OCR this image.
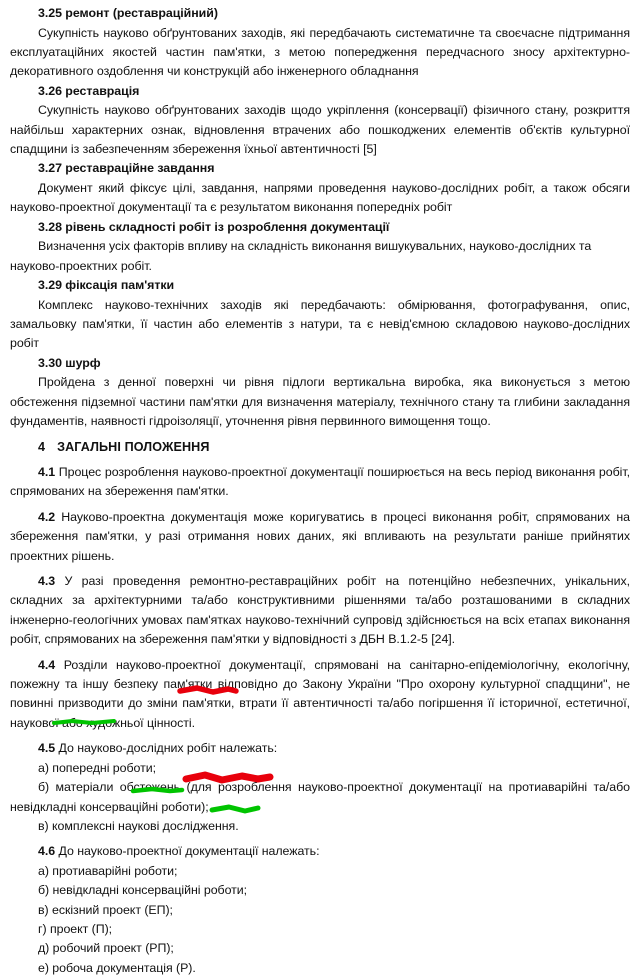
3.25 ремонт (реставраційний)

Сукупність науково обґрунтованих заходів, які передбачають систематичне та своєчасне підтримання експлуатаційних якостей частин пам'ятки, з метою попередження передчасного зносу архітектурно-декоративного оздоблення чи конструкцій або інженерного обладнання

3.26 реставрація

Сукупність науково обґрунтованих заходів щодо укріплення (консервації) фізичного стану, розкриття найбільш характерних ознак, відновлення втрачених або пошкоджених елементів об'єктів культурної спадщини із забезпеченням збереження їхньої автентичності [5]

3.27 реставраційне завдання

Документ який фіксує цілі, завдання, напрями проведення науково-дослідних робіт, а також обсяги науково-проектної документації та є результатом виконання попередніх робіт

3.28 рівень складності робіт із розроблення документації

Визначення усіх факторів впливу на складність виконання вишукувальних, науково-дослідних та науково-проектних робіт.

3.29 фіксація пам'ятки

Комплекс науково-технічних заходів які передбачають: обмірювання, фотографування, опис, замальовку пам'ятки, її частин або елементів з натури, та є невід'ємною складовою науково-дослідних робіт

3.30 шурф

Пройдена з денної поверхні чи рівня підлоги вертикальна виробка, яка виконується з метою обстеження підземної частини пам'ятки для визначення матеріалу, технічного стану та глибини закладання фундаментів, наявності гідроізоляції, уточнення рівня первинного вимощення тощо.

4 ЗАГАЛЬНІ ПОЛОЖЕННЯ

4.1 Процес розроблення науково-проектної документації поширюється на весь період виконання робіт, спрямованих на збереження пам'ятки.

4.2 Науково-проектна документація може коригуватись в процесі виконання робіт, спрямованих на збереження пам'ятки, у разі отримання нових даних, які впливають на результати раніше прийнятих проектних рішень.

4.3 У разі проведення ремонтно-реставраційних робіт на потенційно небезпечних, унікальних, складних за архітектурними та/або конструктивними рішеннями та/або розташованими в складних інженерно-геологічних умовах пам'ятках науково-технічний супровід здійснюється на всіх етапах виконання робіт, спрямованих на збереження пам'ятки у відповідності з ДБН В.1.2-5 [24].

4.4 Розділи науково-проектної документації, спрямовані на санітарно-епідеміологічну, екологічну, пожежну та іншу безпеку пам'ятки відповідно до Закону України "Про охорону культурної спадщини", не повинні призводити до зміни пам'ятки, втрати її автентичності та/або погіршення її історичної, естетичної, наукової або художньої цінності.

4.5 До науково-дослідних робіт належать:

а) попередні роботи;

б) матеріали обстежень (для розроблення науково-проектної документації на протиаварійні та/або невідкладні консерваційні роботи);

в) комплексні наукові дослідження.

4.6 До науково-проектної документації належать:

а) протиаварійні роботи;

б) невідкладні консерваційні роботи;

в) ескізний проект (ЕП);

г) проект (П);

д) робочий проект (РП);

е) робоча документація (Р).
